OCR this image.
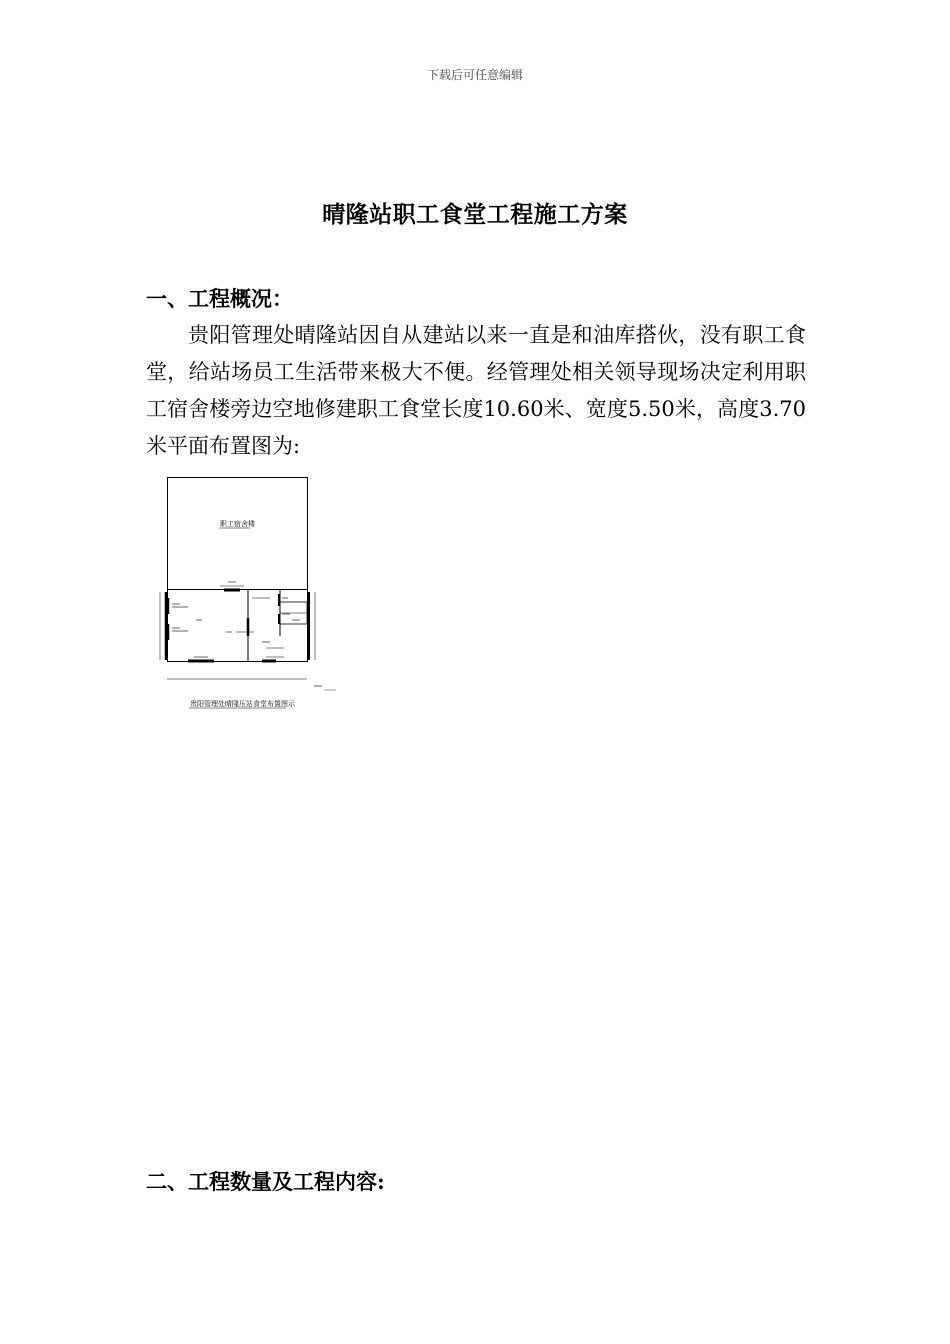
下载后可任意编辑
晴隆站职工食堂工程施工方案
一、工程概况：
贵阳管理处晴隆站因自从建站以来一直是和油库搭伙，没有职工食堂，给站场员工生活带来极大不便。经管理处相关领导现场决定利用职工宿舍楼旁边空地修建职工食堂长度10.60米、宽度5.50米，高度3.70米平面布置图为:
职工宿舍楼
贵阳管理处晴隆压站食堂布置图示
二、工程数量及工程内容:
